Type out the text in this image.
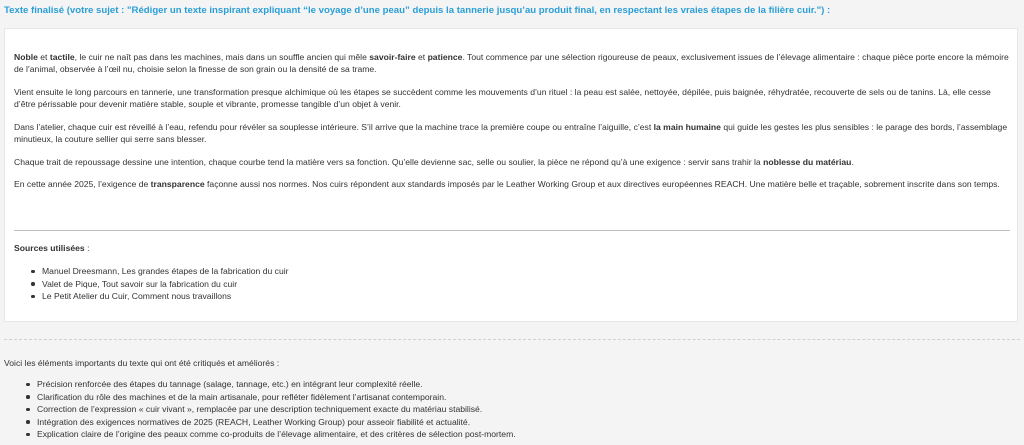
Texte finalisé (votre sujet : "Rédiger un texte inspirant expliquant “le voyage d’une peau” depuis la tannerie jusqu’au produit final, en respectant les vraies étapes de la filière cuir.") :

Noble et tactile, le cuir ne naît pas dans les machines, mais dans un souffle ancien qui mêle savoir-faire et patience. Tout commence par une sélection rigoureuse de peaux, exclusivement issues de l’élevage alimentaire : chaque pièce porte encore la mémoire de l’animal, observée à l’œil nu, choisie selon la finesse de son grain ou la densité de sa trame.

Vient ensuite le long parcours en tannerie, une transformation presque alchimique où les étapes se succèdent comme les mouvements d’un rituel : la peau est salée, nettoyée, dépilée, puis baignée, réhydratée, recouverte de sels ou de tanins. Là, elle cesse d’être périssable pour devenir matière stable, souple et vibrante, promesse tangible d’un objet à venir.

Dans l’atelier, chaque cuir est réveillé à l’eau, refendu pour révéler sa souplesse intérieure. S’il arrive que la machine trace la première coupe ou entraîne l’aiguille, c’est la main humaine qui guide les gestes les plus sensibles : le parage des bords, l’assemblage minutieux, la couture sellier qui serre sans blesser.

Chaque trait de repoussage dessine une intention, chaque courbe tend la matière vers sa fonction. Qu’elle devienne sac, selle ou soulier, la pièce ne répond qu’à une exigence : servir sans trahir la noblesse du matériau.

En cette année 2025, l’exigence de transparence façonne aussi nos normes. Nos cuirs répondent aux standards imposés par le Leather Working Group et aux directives européennes REACH. Une matière belle et traçable, sobrement inscrite dans son temps.

Sources utilisées :

Manuel Dreesmann, Les grandes étapes de la fabrication du cuir
Valet de Pique, Tout savoir sur la fabrication du cuir
Le Petit Atelier du Cuir, Comment nous travaillons

Voici les éléments importants du texte qui ont été critiqués et améliorés :

Précision renforcée des étapes du tannage (salage, tannage, etc.) en intégrant leur complexité réelle.
Clarification du rôle des machines et de la main artisanale, pour refléter fidèlement l’artisanat contemporain.
Correction de l’expression « cuir vivant », remplacée par une description techniquement exacte du matériau stabilisé.
Intégration des exigences normatives de 2025 (REACH, Leather Working Group) pour asseoir fiabilité et actualité.
Explication claire de l’origine des peaux comme co-produits de l’élevage alimentaire, et des critères de sélection post-mortem.
